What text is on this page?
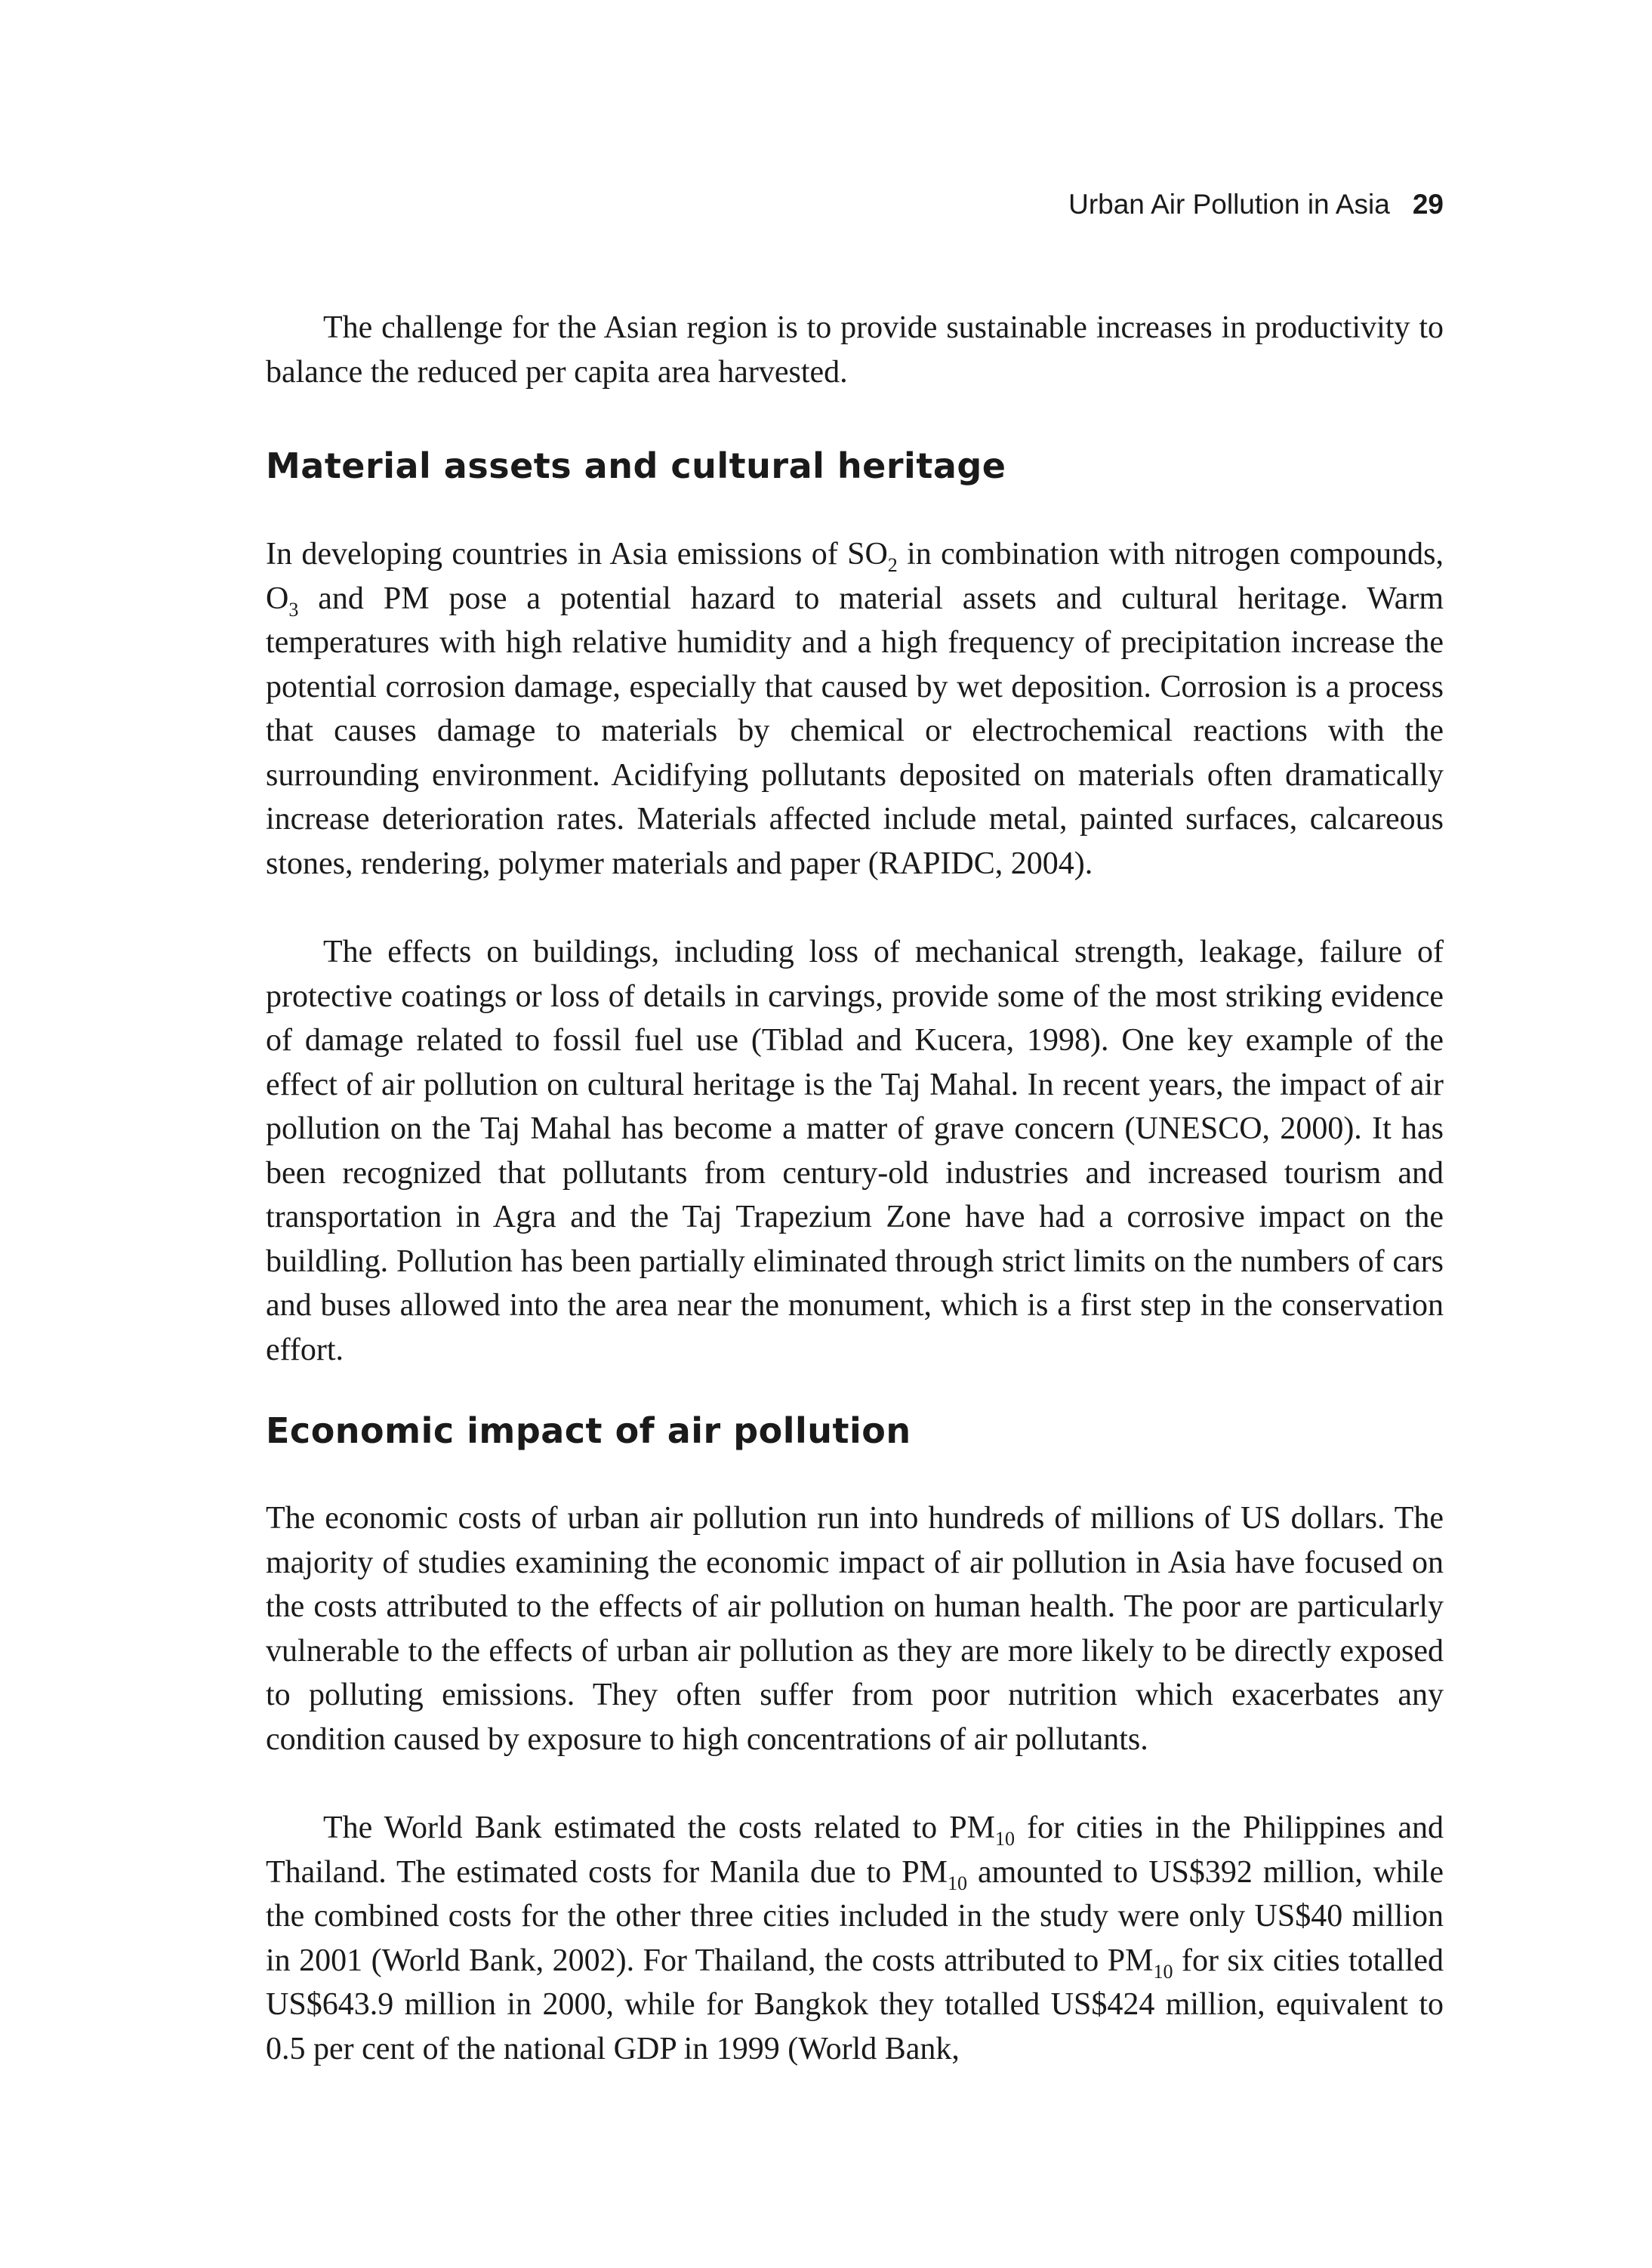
Urban Air Pollution in Asia 29

The challenge for the Asian region is to provide sustainable increases in productivity to balance the reduced per capita area harvested.

Material assets and cultural heritage

In developing countries in Asia emissions of $SO_2$ in combination with nitrogen compounds, $O_3$ and PM pose a potential hazard to material assets and cultural heritage. Warm temperatures with high relative humidity and a high frequency of precipitation increase the potential corrosion damage, especially that caused by wet deposition. Corrosion is a process that causes damage to materials by chemical or electrochemical reactions with the surrounding environment. Acidifying pollutants deposited on materials often dramatically increase deterioration rates. Materials affected include metal, painted surfaces, calcareous stones, rendering, polymer materials and paper (RAPIDC, 2004).

The effects on buildings, including loss of mechanical strength, leakage, failure of protective coatings or loss of details in carvings, provide some of the most striking evidence of damage related to fossil fuel use (Tiblad and Kucera, 1998). One key example of the effect of air pollution on cultural heritage is the Taj Mahal. In recent years, the impact of air pollution on the Taj Mahal has become a matter of grave concern (UNESCO, 2000). It has been recognized that pollutants from century-old industries and increased tourism and transportation in Agra and the Taj Trapezium Zone have had a corrosive impact on the buildling. Pollution has been partially eliminated through strict limits on the numbers of cars and buses allowed into the area near the monument, which is a first step in the conservation effort.

Economic impact of air pollution

The economic costs of urban air pollution run into hundreds of millions of US dollars. The majority of studies examining the economic impact of air pollution in Asia have focused on the costs attributed to the effects of air pollution on human health. The poor are particularly vulnerable to the effects of urban air pollution as they are more likely to be directly exposed to polluting emissions. They often suffer from poor nutrition which exacerbates any condition caused by exposure to high concentrations of air pollutants.

The World Bank estimated the costs related to $PM_{10}$ for cities in the Philippines and Thailand. The estimated costs for Manila due to $PM_{10}$ amounted to US$392 million, while the combined costs for the other three cities included in the study were only US$40 million in 2001 (World Bank, 2002). For Thailand, the costs attributed to $PM_{10}$ for six cities totalled US$643.9 million in 2000, while for Bangkok they totalled US$424 million, equivalent to 0.5 per cent of the national GDP in 1999 (World Bank,
